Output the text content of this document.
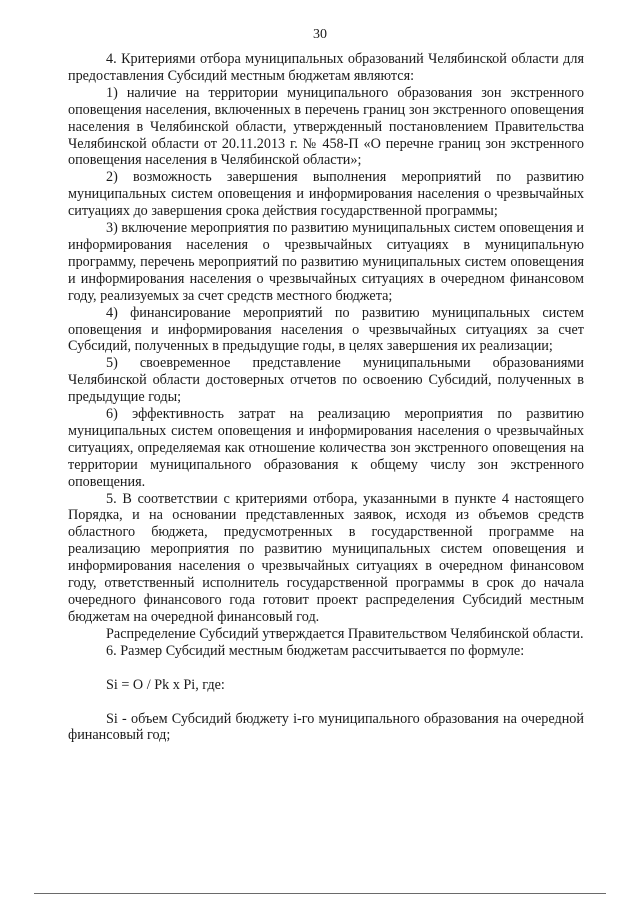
30

4. Критериями отбора муниципальных образований Челябинской области для предоставления Субсидий местным бюджетам являются:

1) наличие на территории муниципального образования зон экстренного оповещения населения, включенных в перечень границ зон экстренного оповещения населения в Челябинской области, утвержденный постановлением Правительства Челябинской области от 20.11.2013 г. № 458-П «О перечне границ зон экстренного оповещения населения в Челябинской области»;

2) возможность завершения выполнения мероприятий по развитию муниципальных систем оповещения и информирования населения о чрезвычайных ситуациях до завершения срока действия государственной программы;

3) включение мероприятия по развитию муниципальных систем оповещения и информирования населения о чрезвычайных ситуациях в муниципальную программу, перечень мероприятий по развитию муниципальных систем оповещения и информирования населения о чрезвычайных ситуациях в очередном финансовом году, реализуемых за счет средств местного бюджета;

4) финансирование мероприятий по развитию муниципальных систем оповещения и информирования населения о чрезвычайных ситуациях за счет Субсидий, полученных в предыдущие годы, в целях завершения их реализации;

5) своевременное представление муниципальными образованиями Челябинской области достоверных отчетов по освоению Субсидий, полученных в предыдущие годы;

6) эффективность затрат на реализацию мероприятия по развитию муниципальных систем оповещения и информирования населения о чрезвычайных ситуациях, определяемая как отношение количества зон экстренного оповещения на территории муниципального образования к общему числу зон экстренного оповещения.

5. В соответствии с критериями отбора, указанными в пункте 4 настоящего Порядка, и на основании представленных заявок, исходя из объемов средств областного бюджета, предусмотренных в государственной программе на реализацию мероприятия по развитию муниципальных систем оповещения и информирования населения о чрезвычайных ситуациях в очередном финансовом году, ответственный исполнитель государственной программы в срок до начала очередного финансового года готовит проект распределения Субсидий местным бюджетам на очередной финансовый год.

Распределение Субсидий утверждается Правительством Челябинской области.

6. Размер Субсидий местным бюджетам рассчитывается по формуле:

Si = O / Pk x Pi, где:

Si - объем Субсидий бюджету i-го муниципального образования на очередной финансовый год;
